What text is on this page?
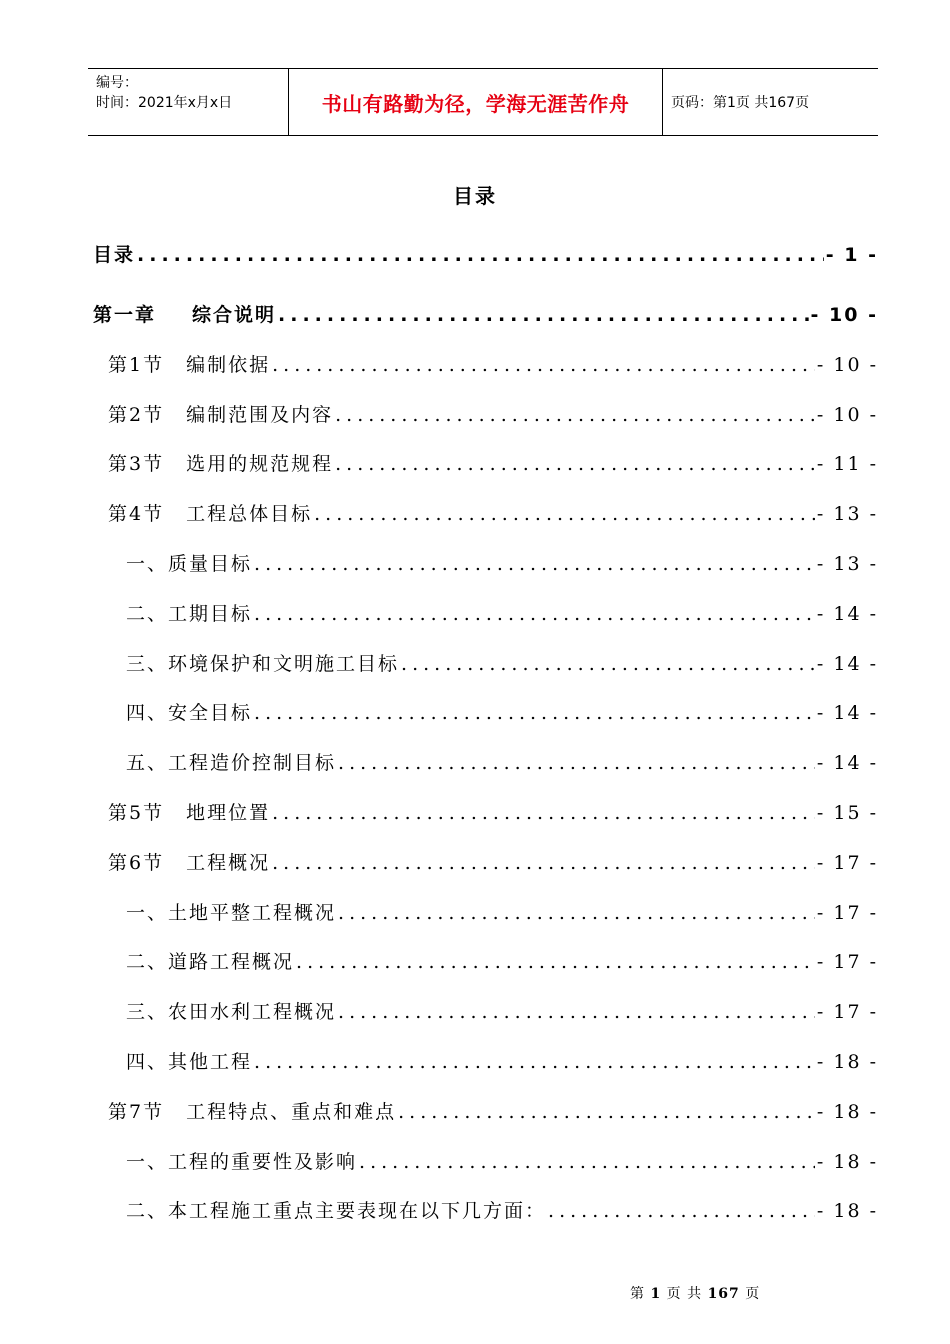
编号：
时间：2021年x月x日	书山有路勤为径，学海无涯苦作舟	页码：第1页 共167页
目录
目录 .....	- 1 -
第一章 综合说明 .....	- 10 -
第1节 编制依据 .....	- 10 -
第2节 编制范围及内容 .....	- 10 -
第3节 选用的规范规程 .....	- 11 -
第4节 工程总体目标 .....	- 13 -
一、质量目标 .....	- 13 -
二、工期目标 .....	- 14 -
三、环境保护和文明施工目标 .....	- 14 -
四、安全目标 .....	- 14 -
五、工程造价控制目标 .....	- 14 -
第5节 地理位置 .....	- 15 -
第6节 工程概况 .....	- 17 -
一、土地平整工程概况 .....	- 17 -
二、道路工程概况 .....	- 17 -
三、农田水利工程概况 .....	- 17 -
四、其他工程 .....	- 18 -
第7节 工程特点、重点和难点 .....	- 18 -
一、工程的重要性及影响 .....	- 18 -
二、本工程施工重点主要表现在以下几方面： .....	- 18 -
第 1 页 共 167 页
